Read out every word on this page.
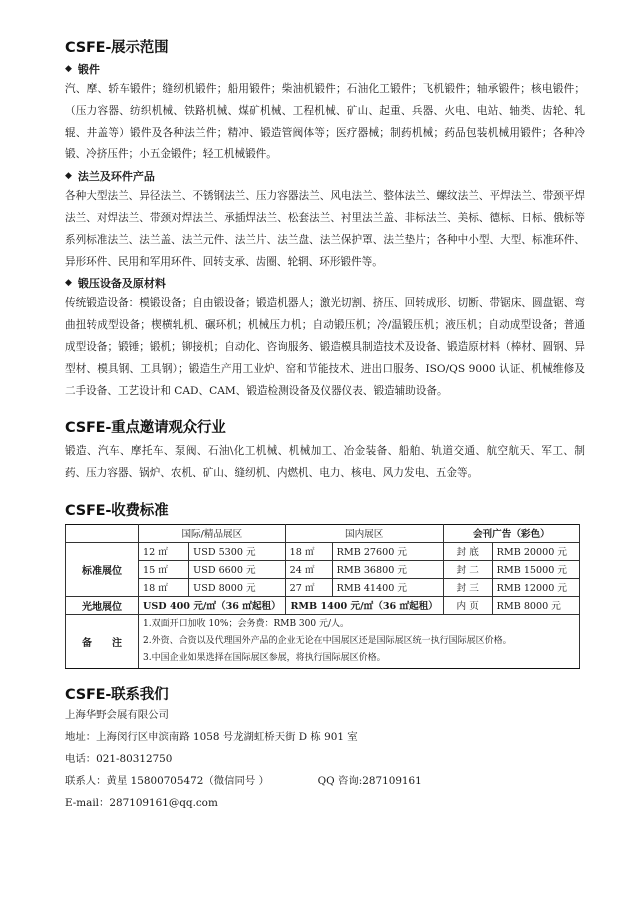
CSFE-展示范围
◆ 锻件

汽、摩、轿车锻件；缝纫机锻件；船用锻件；柴油机锻件；石油化工锻件；飞机锻件；轴承锻件；核电锻件；（压力容器、纺织机械、铁路机械、煤矿机械、工程机械、矿山、起重、兵器、火电、电站、轴类、齿轮、轧辊、井盖等）锻件及各种法兰件；精冲、锻造管阀体等；医疗器械；制药机械；药品包装机械用锻件；各种冷锻、冷挤压件；小五金锻件；轻工机械锻件。

◆ 法兰及环件产品

各种大型法兰、异径法兰、不锈钢法兰、压力容器法兰、风电法兰、整体法兰、螺纹法兰、平焊法兰、带颈平焊法兰、对焊法兰、带颈对焊法兰、承插焊法兰、松套法兰、衬里法兰盖、非标法兰、美标、德标、日标、俄标等系列标准法兰、法兰盖、法兰元件、法兰片、法兰盘、法兰保护罩、法兰垫片；各种中小型、大型、标准环件、异形环件、民用和军用环件、回转支承、齿圈、轮辋、环形锻件等。

◆ 锻压设备及原材料

传统锻造设备：模锻设备；自由锻设备；锻造机器人；激光切割、挤压、回转成形、切断、带锯床、圆盘锯、弯曲扭转成型设备；楔横轧机、碾环机；机械压力机；自动锻压机；冷/温锻压机；液压机；自动成型设备；普通成型设备；锻锤；锻机；铆接机；自动化、咨询服务、锻造模具制造技术及设备、锻造原材料（棒材、圆钢、异型材、模具钢、工具钢）；锻造生产用工业炉、窑和节能技术、进出口服务、ISO/QS 9000 认证、机械维修及二手设备、工艺设计和 CAD、CAM、锻造检测设备及仪器仪表、锻造辅助设备。

CSFE-重点邀请观众行业

锻造、汽车、摩托车、泵阀、石油\化工机械、机械加工、冶金装备、船舶、轨道交通、航空航天、军工、制药、压力容器、锅炉、农机、矿山、缝纫机、内燃机、电力、核电、风力发电、五金等。

CSFE-收费标准
	国际/精品展区		国内展区		会刊广告（彩色）	
标准展位	12 ㎡	USD 5300 元	18 ㎡	RMB 27600 元	封 底	RMB 20000 元
	15 ㎡	USD 6600 元	24 ㎡	RMB 36800 元	封 二	RMB 15000 元
	18 ㎡	USD 8000 元	27 ㎡	RMB 41400 元	封 三	RMB 12000 元
光地展位	USD 400 元/㎡（36 ㎡起租）		RMB 1400 元/㎡（36 ㎡起租）		内 页	RMB 8000 元
备　　注	1.双面开口加收 10%；会务费：RMB 300 元/人。
2.外资、合资以及代理国外产品的企业无论在中国展区还是国际展区统一执行国际展区价格。
3.中国企业如果选择在国际展区参展，将执行国际展区价格。					
CSFE-联系我们

上海华野会展有限公司

地址：上海闵行区申滨南路 1058 号龙湖虹桥天街 D 栋 901 室

电话：021-80312750

联系人：黄星 15800705472（微信同号 ）	QQ 咨询:287109161

E-mail：287109161@qq.com
